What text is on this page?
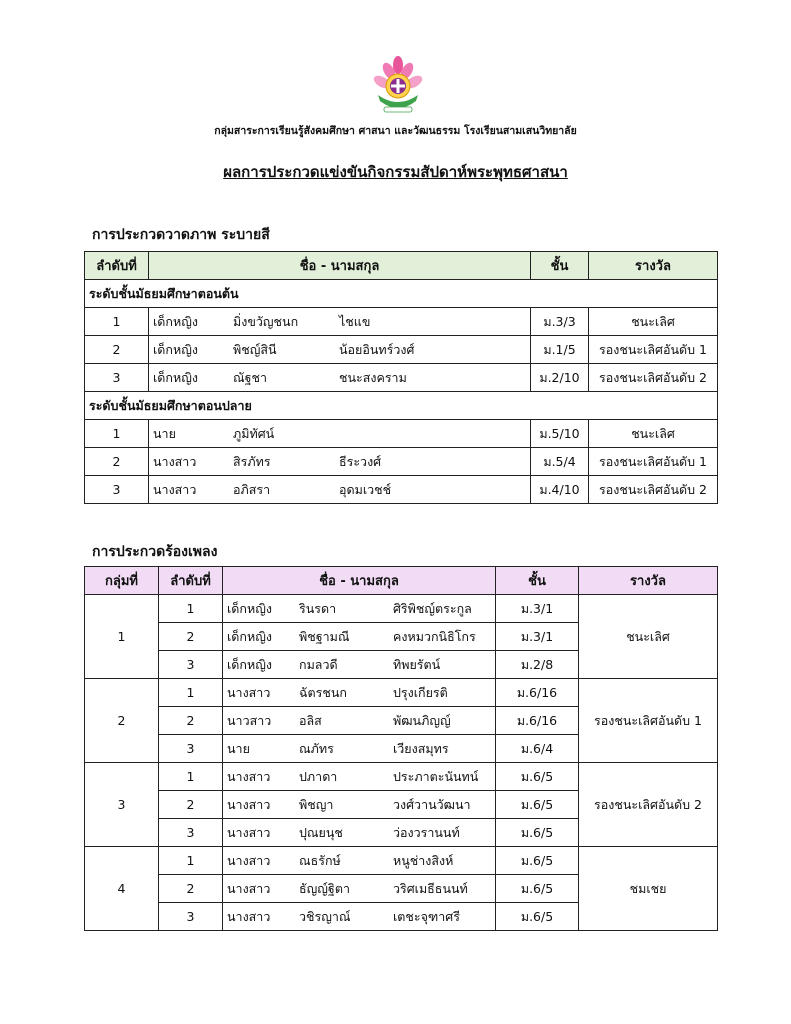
กลุ่มสาระการเรียนรู้สังคมศึกษา ศาสนา และวัฒนธรรม โรงเรียนสามเสนวิทยาลัย
ผลการประกวดแข่งขันกิจกรรมสัปดาห์พระพุทธศาสนา
การประกวดวาดภาพ ระบายสี
ลำดับที่	ชื่อ - นามสกุล	ชั้น	รางวัล
ระดับชั้นมัธยมศึกษาตอนต้น			
1	เด็กหญิง มิ่งขวัญชนก ไชแข	ม.3/3	ชนะเลิศ
2	เด็กหญิง พิชญ์สินี น้อยอินทร์วงศ์	ม.1/5	รองชนะเลิศอันดับ 1
3	เด็กหญิง ณัฐชา ชนะสงคราม	ม.2/10	รองชนะเลิศอันดับ 2
ระดับชั้นมัธยมศึกษาตอนปลาย			
1	นาย ภูมิทัศน์	ม.5/10	ชนะเลิศ
2	นางสาว สิรภัทร ธีระวงศ์	ม.5/4	รองชนะเลิศอันดับ 1
3	นางสาว อภิสรา อุดมเวชช์	ม.4/10	รองชนะเลิศอันดับ 2
การประกวดร้องเพลง
กลุ่มที่	ลำดับที่	ชื่อ - นามสกุล	ชั้น	รางวัล
1	1	เด็กหญิง รินรดา ศิริพิชญ์ตระกูล	ม.3/1	ชนะเลิศ
	2	เด็กหญิง พิชฐามณี คงหมวกนิธิโกร	ม.3/1	
	3	เด็กหญิง กมลวดี ทิพยรัตน์	ม.2/8	
2	1	นางสาว ฉัตรชนก ปรุงเกียรติ	ม.6/16	รองชนะเลิศอันดับ 1
	2	นาวสาว อลิส พัฒนภิญญ์	ม.6/16	
	3	นาย ณภัทร เวียงสมุทร	ม.6/4	
3	1	นางสาว ปภาดา ประภาตะนันทน์	ม.6/5	รองชนะเลิศอันดับ 2
	2	นางสาว พิชญา วงศ์วานวัฒนา	ม.6/5	
	3	นางสาว ปุณยนุช ว่องวรานนท์	ม.6/5	
4	1	นางสาว ณธรักษ์ หนูช่างสิงห์	ม.6/5	ชมเชย
	2	นางสาว ธัญญ์ฐิตา วริศเมธีธนนท์	ม.6/5	
	3	นางสาว วชิรญาณ์ เตชะจุฑาศรี	ม.6/5	
